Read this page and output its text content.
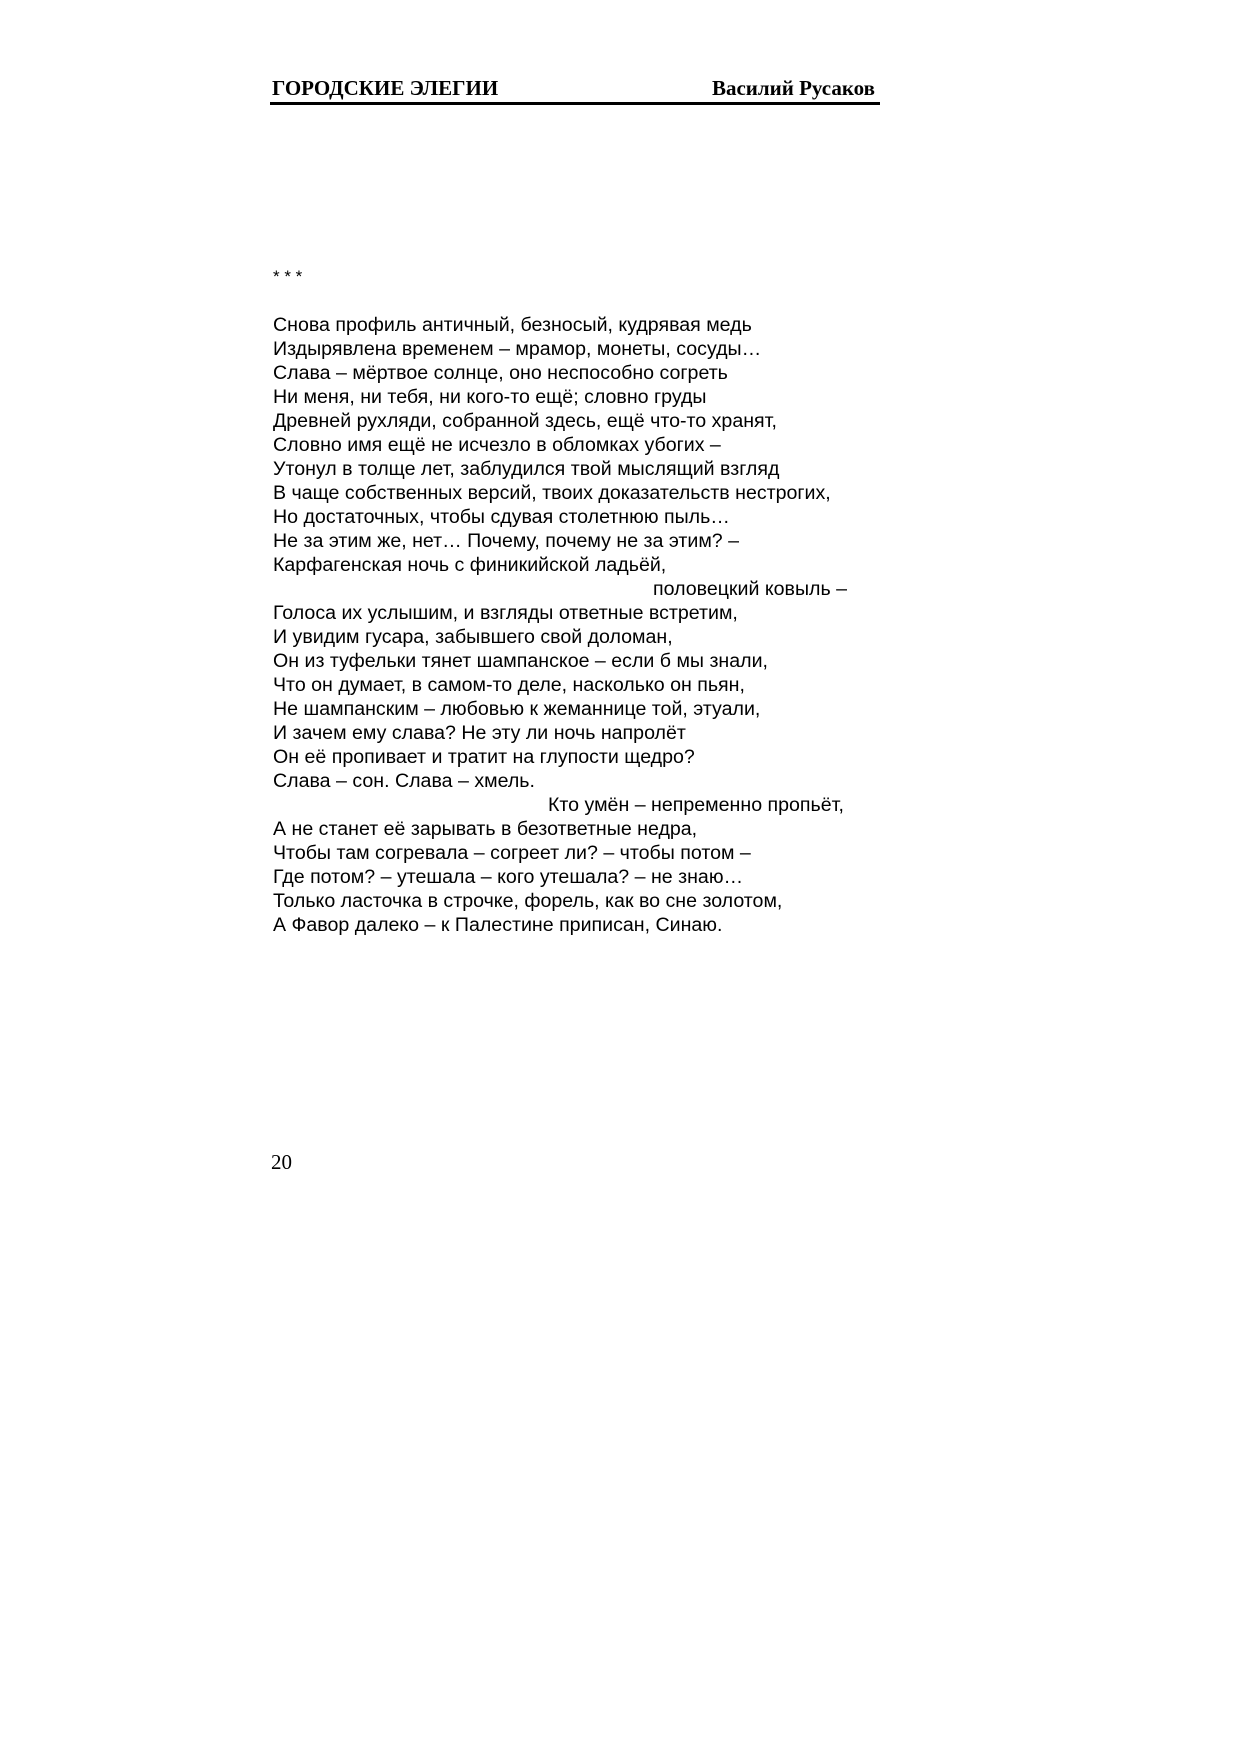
ГОРОДСКИЕ ЭЛЕГИИ	Василий Русаков
* * *
Снова профиль античный, безносый, кудрявая медь
Издырявлена временем – мрамор, монеты, сосуды…
Слава – мёртвое солнце, оно неспособно согреть
Ни меня, ни тебя, ни кого-то ещё; словно груды
Древней рухляди, собранной здесь, ещё что-то хранят,
Словно имя ещё не исчезло в обломках убогих –
Утонул в толще лет, заблудился твой мыслящий взгляд
В чаще собственных версий, твоих доказательств нестрогих,
Но достаточных, чтобы сдувая столетнюю пыль…
Не за этим же, нет… Почему, почему не за этим? –
Карфагенская ночь с финикийской ладьёй,
половецкий ковыль –
Голоса их услышим, и взгляды ответные встретим,
И увидим гусара, забывшего свой доломан,
Он из туфельки тянет шампанское – если б мы знали,
Что он думает, в самом-то деле, насколько он пьян,
Не шампанским – любовью к жеманнице той, этуали,
И зачем ему слава? Не эту ли ночь напролёт
Он её пропивает и тратит на глупости щедро?
Слава – сон. Слава – хмель.
Кто умён – непременно пропьёт,
А не станет её зарывать в безответные недра,
Чтобы там согревала – согреет ли? – чтобы потом –
Где потом? – утешала – кого утешала? – не знаю…
Только ласточка в строчке, форель, как во сне золотом,
А Фавор далеко – к Палестине приписан, Синаю.
20
